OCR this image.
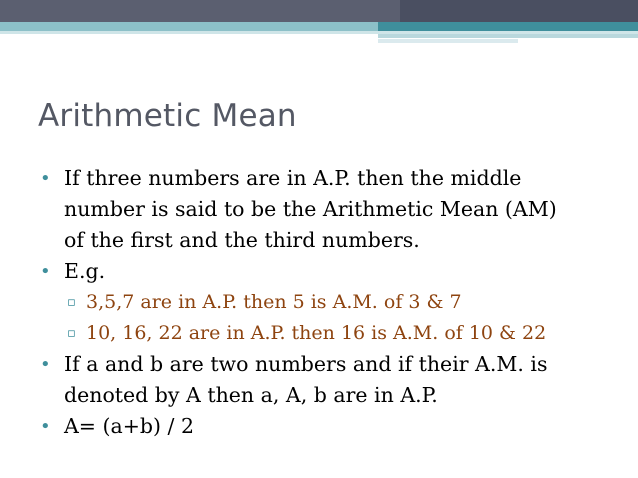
Arithmetic Mean
• If three numbers are in A.P. then the middle
number is said to be the Arithmetic Mean (AM)
of the first and the third numbers.
• E.g.
▫ 3,5,7 are in A.P. then 5 is A.M. of 3 & 7
▫ 10, 16, 22 are in A.P. then 16 is A.M. of 10 & 22
• If a and b are two numbers and if their A.M. is
denoted by A then a, A, b are in A.P.
• A= (a+b) / 2
